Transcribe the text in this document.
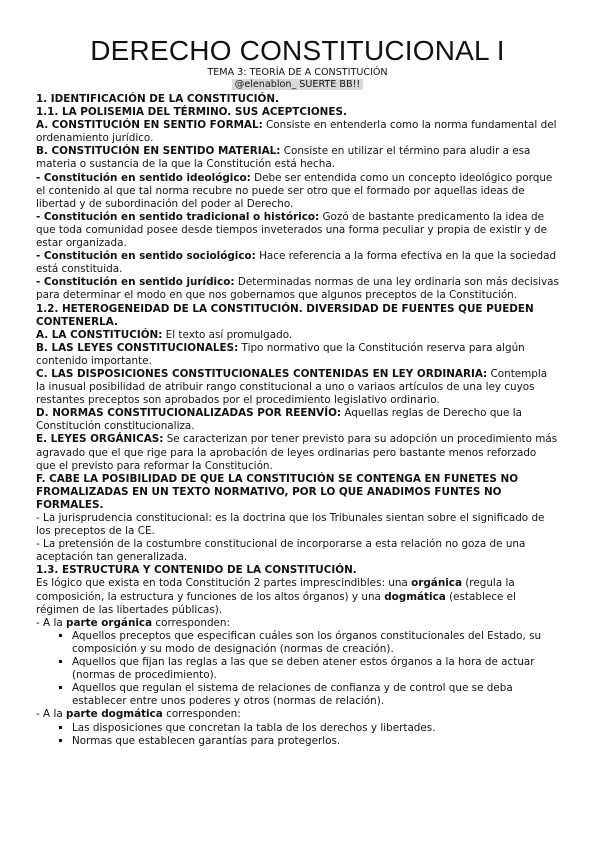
DERECHO CONSTITUCIONAL I
TEMA 3: TEORÍA DE A CONSTITUCIÓN
@elenablon_ SUERTE BB!!

1. IDENTIFICACIÓN DE LA CONSTITUCIÓN.

1.1. LA POLISEMIA DEL TÉRMINO. SUS ACEPTCIONES.

A. CONSTITUCIÓN EN SENTIO FORMAL: Consiste en entenderla como la norma fundamental del ordenamiento jurídico.

B. CONSTITUCIÓN EN SENTIDO MATERIAL: Consiste en utilizar el término para aludir a esa materia o sustancia de la que la Constitución está hecha.

- Constitución en sentido ideológico: Debe ser entendida como un concepto ideológico porque el contenido al que tal norma recubre no puede ser otro que el formado por aquellas ideas de libertad y de subordinación del poder al Derecho.

- Constitución en sentido tradicional o histórico: Gozó de bastante predicamento la idea de que toda comunidad posee desde tiempos inveterados una forma peculiar y propia de existir y de estar organizada.

- Constitución en sentido sociológico: Hace referencia a la forma efectiva en la que la sociedad está constituida.

- Constitución en sentido jurídico: Determinadas normas de una ley ordinaria son más decisivas para determinar el modo en que nos gobernamos que algunos preceptos de la Constitución.

1.2. HETEROGENEIDAD DE LA CONSTITUCIÓN. DIVERSIDAD DE FUENTES QUE PUEDEN CONTENERLA.

A. LA CONSTITUCIÓN: El texto así promulgado.

B. LAS LEYES CONSTITUCIONALES: Tipo normativo que la Constitución reserva para algún contenido importante.

C. LAS DISPOSICIONES CONSTITUCIONALES CONTENIDAS EN LEY ORDINARIA: Contempla la inusual posibilidad de atribuir rango constitucional a uno o variaos artículos de una ley cuyos restantes preceptos son aprobados por el procedimiento legislativo ordinario.

D. NORMAS CONSTITUCIONALIZADAS POR REENVÍO: Aquellas reglas de Derecho que la Constitución constitucionaliza.

E. LEYES ORGÁNICAS: Se caracterizan por tener previsto para su adopción un procedimiento más agravado que el que rige para la aprobación de leyes ordinarias pero bastante menos reforzado que el previsto para reformar la Constitución.

F. CABE LA POSIBILIDAD DE QUE LA CONSTITUCIÓN SE CONTENGA EN FUNETES NO FROMALIZADAS EN UN TEXTO NORMATIVO, POR LO QUE ANADIMOS FUNTES NO FORMALES.

- La jurisprudencia constitucional: es la doctrina que los Tribunales sientan sobre el significado de los preceptos de la CE.

- La pretensión de la costumbre constitucional de incorporarse a esta relación no goza de una aceptación tan generalizada.

1.3. ESTRUCTURA Y CONTENIDO DE LA CONSTITUCIÓN.

Es lógico que exista en toda Constitución 2 partes imprescindibles: una orgánica (regula la composición, la estructura y funciones de los altos órganos) y una dogmática (establece el régimen de las libertades públicas).

- A la parte orgánica corresponden:

▪ Aquellos preceptos que especifican cuáles son los órganos constitucionales del Estado, su composición y su modo de designación (normas de creación).
▪ Aquellos que fijan las reglas a las que se deben atener estos órganos a la hora de actuar (normas de procedimiento).
▪ Aquellos que regulan el sistema de relaciones de confianza y de control que se deba establecer entre unos poderes y otros (normas de relación).

- A la parte dogmática corresponden:

▪ Las disposiciones que concretan la tabla de los derechos y libertades.
▪ Normas que establecen garantías para protegerlos.
